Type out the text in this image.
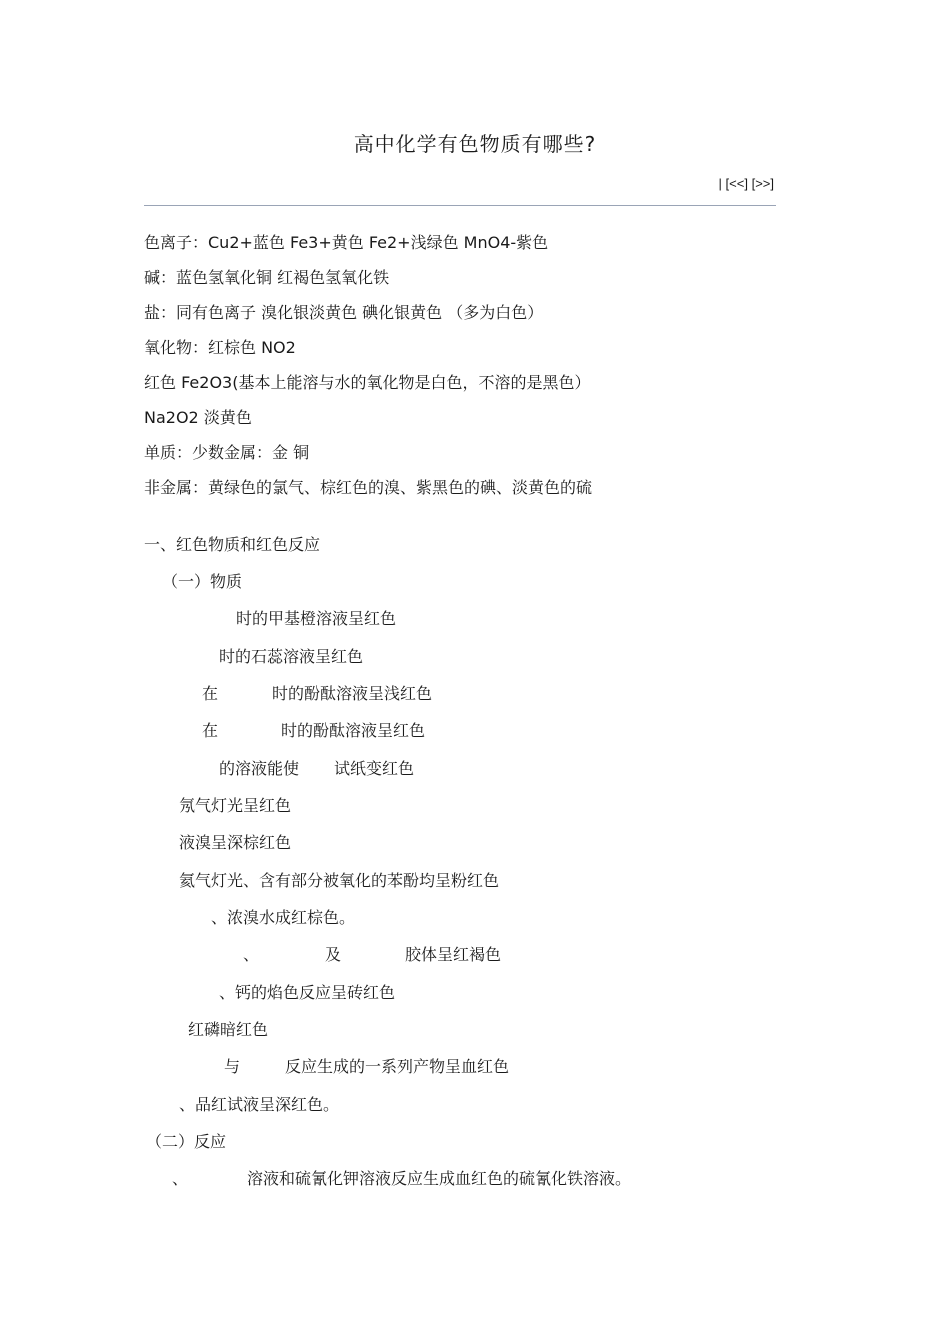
高中化学有色物质有哪些?
| [<<] [>>]
色离子：Cu2+蓝色 Fe3+黄色 Fe2+浅绿色 MnO4-紫色
碱：蓝色氢氧化铜 红褐色氢氧化铁
盐：同有色离子 溴化银淡黄色 碘化银黄色 （多为白色）
氧化物：红棕色 NO2
红色 Fe2O3(基本上能溶与水的氧化物是白色，不溶的是黑色）
Na2O2 淡黄色
单质：少数金属：金 铜
非金属：黄绿色的氯气、棕红色的溴、紫黑色的碘、淡黄色的硫
一、红色物质和红色反应
（一）物质
时的甲基橙溶液呈红色
时的石蕊溶液呈红色
在	时的酚酞溶液呈浅红色
在	时的酚酞溶液呈红色
的溶液能使 试纸变红色
氖气灯光呈红色
液溴呈深棕红色
氦气灯光、含有部分被氧化的苯酚均呈粉红色
、浓溴水成红棕色。
、	及	胶体呈红褐色
、钙的焰色反应呈砖红色
红磷暗红色
与	反应生成的一系列产物呈血红色
、品红试液呈深红色。
（二）反应
、	溶液和硫氰化钾溶液反应生成血红色的硫氰化铁溶液。
